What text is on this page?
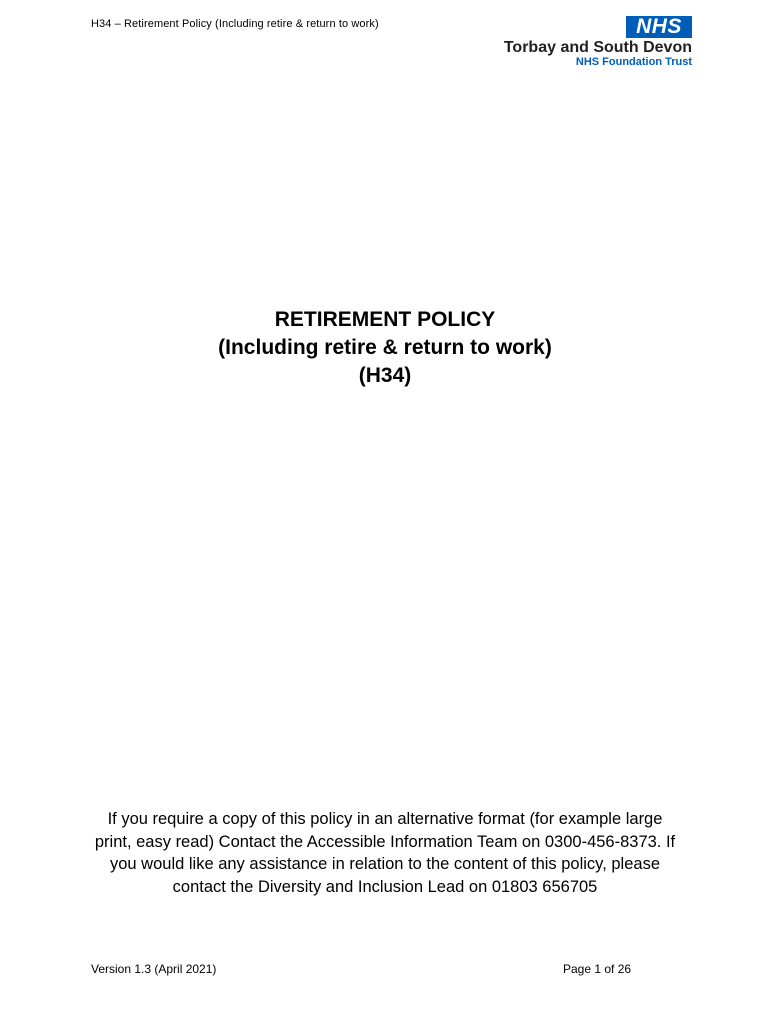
H34 – Retirement Policy (Including retire & return to work)	NHS
Torbay and South Devon
NHS Foundation Trust
RETIREMENT POLICY
(Including retire & return to work)
(H34)
If you require a copy of this policy in an alternative format (for example large print, easy read) Contact the Accessible Information Team on 0300-456-8373. If you would like any assistance in relation to the content of this policy, please contact the Diversity and Inclusion Lead on 01803 656705
Version 1.3 (April 2021)	Page 1 of 26
